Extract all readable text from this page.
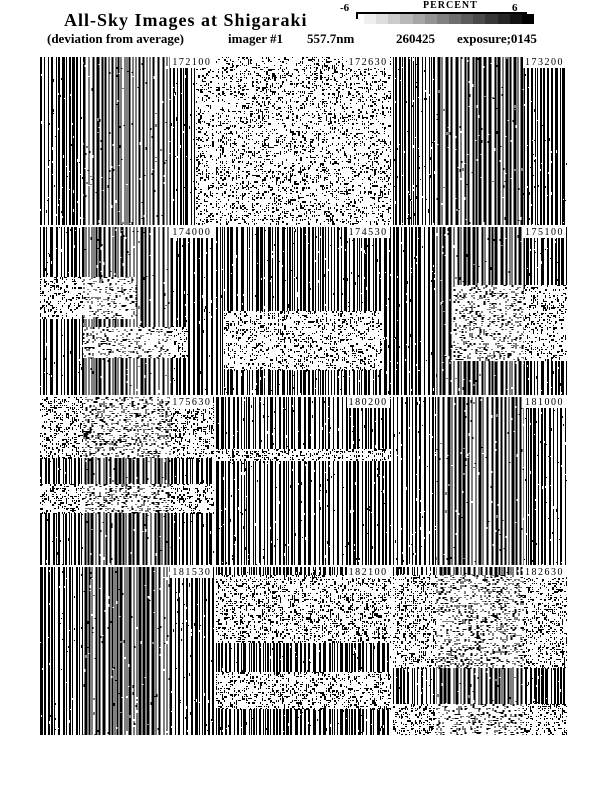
All-Sky Images at Shigaraki
(deviation from average)	imager #1 557.7nm	260425 exposure;0145
-6	PERCENT	6
172100	172630	173200
174000	174530	175100
175630	180200	181000
181530	182100	182630
